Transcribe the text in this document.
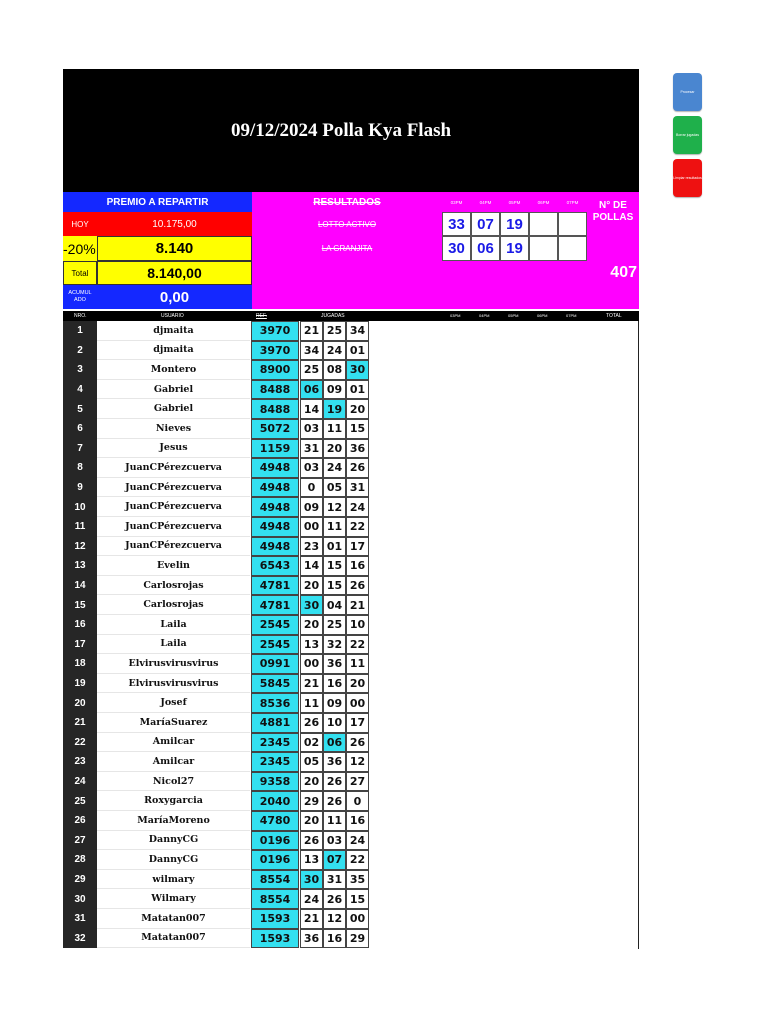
09/12/2024 Polla Kya Flash
PREMIO A REPARTIR
HOY	10.175,00
-20%	8.140
Total	8.140,00
ACUMUL ADO	0,00
RESULTADOS
LOTTO ACTIVO
LA GRANJITA
03PM	04PM	05PM	06PM	07PM
33 07 19
30 06 19
N° DE POLLAS
407
NRO.	USUARIO	REF.	JUGADAS	03PM	04PM	05PM	06PM	07PM	TOTAL
1	djmaita	3970	21 25 34
2	djmaita	3970	34 24 01
3	Montero	8900	25 08 30
4	Gabriel	8488	06 09 01
5	Gabriel	8488	14 19 20
6	Nieves	5072	03 11 15
7	Jesus	1159	31 20 36
8	JuanCPérezcuerva	4948	03 24 26
9	JuanCPérezcuerva	4948	0	05 31
10	JuanCPérezcuerva	4948	09 12 24
11	JuanCPérezcuerva	4948	00 11 22
12	JuanCPérezcuerva	4948	23 01 17
13	Evelin	6543	14 15 16
14	Carlosrojas	4781	20 15 26
15	Carlosrojas	4781	30 04 21
16	Laila	2545	20 25 10
17	Laila	2545	13 32 22
18	Elvirusvirusvirus	0991	00 36 11
19	Elvirusvirusvirus	5845	21 16 20
20	Josef	8536	11 09 00
21	MaríaSuarez	4881	26 10 17
22	Amilcar	2345	02 06 26
23	Amilcar	2345	05 36 12
24	Nicol27	9358	20 26 27
25	Roxygarcia	2040	29 26	0
26	MaríaMoreno	4780	20 11 16
27	DannyCG	0196	26 03 24
28	DannyCG	0196	13 07 22
29	wilmary	8554	30 31 35
30	Wilmary	8554	24 26 15
31	Matatan007	1593	21 12 00
32	Matatan007	1593	36 16 29
Procesar
Borrar jugadas
Limpiar resultados
